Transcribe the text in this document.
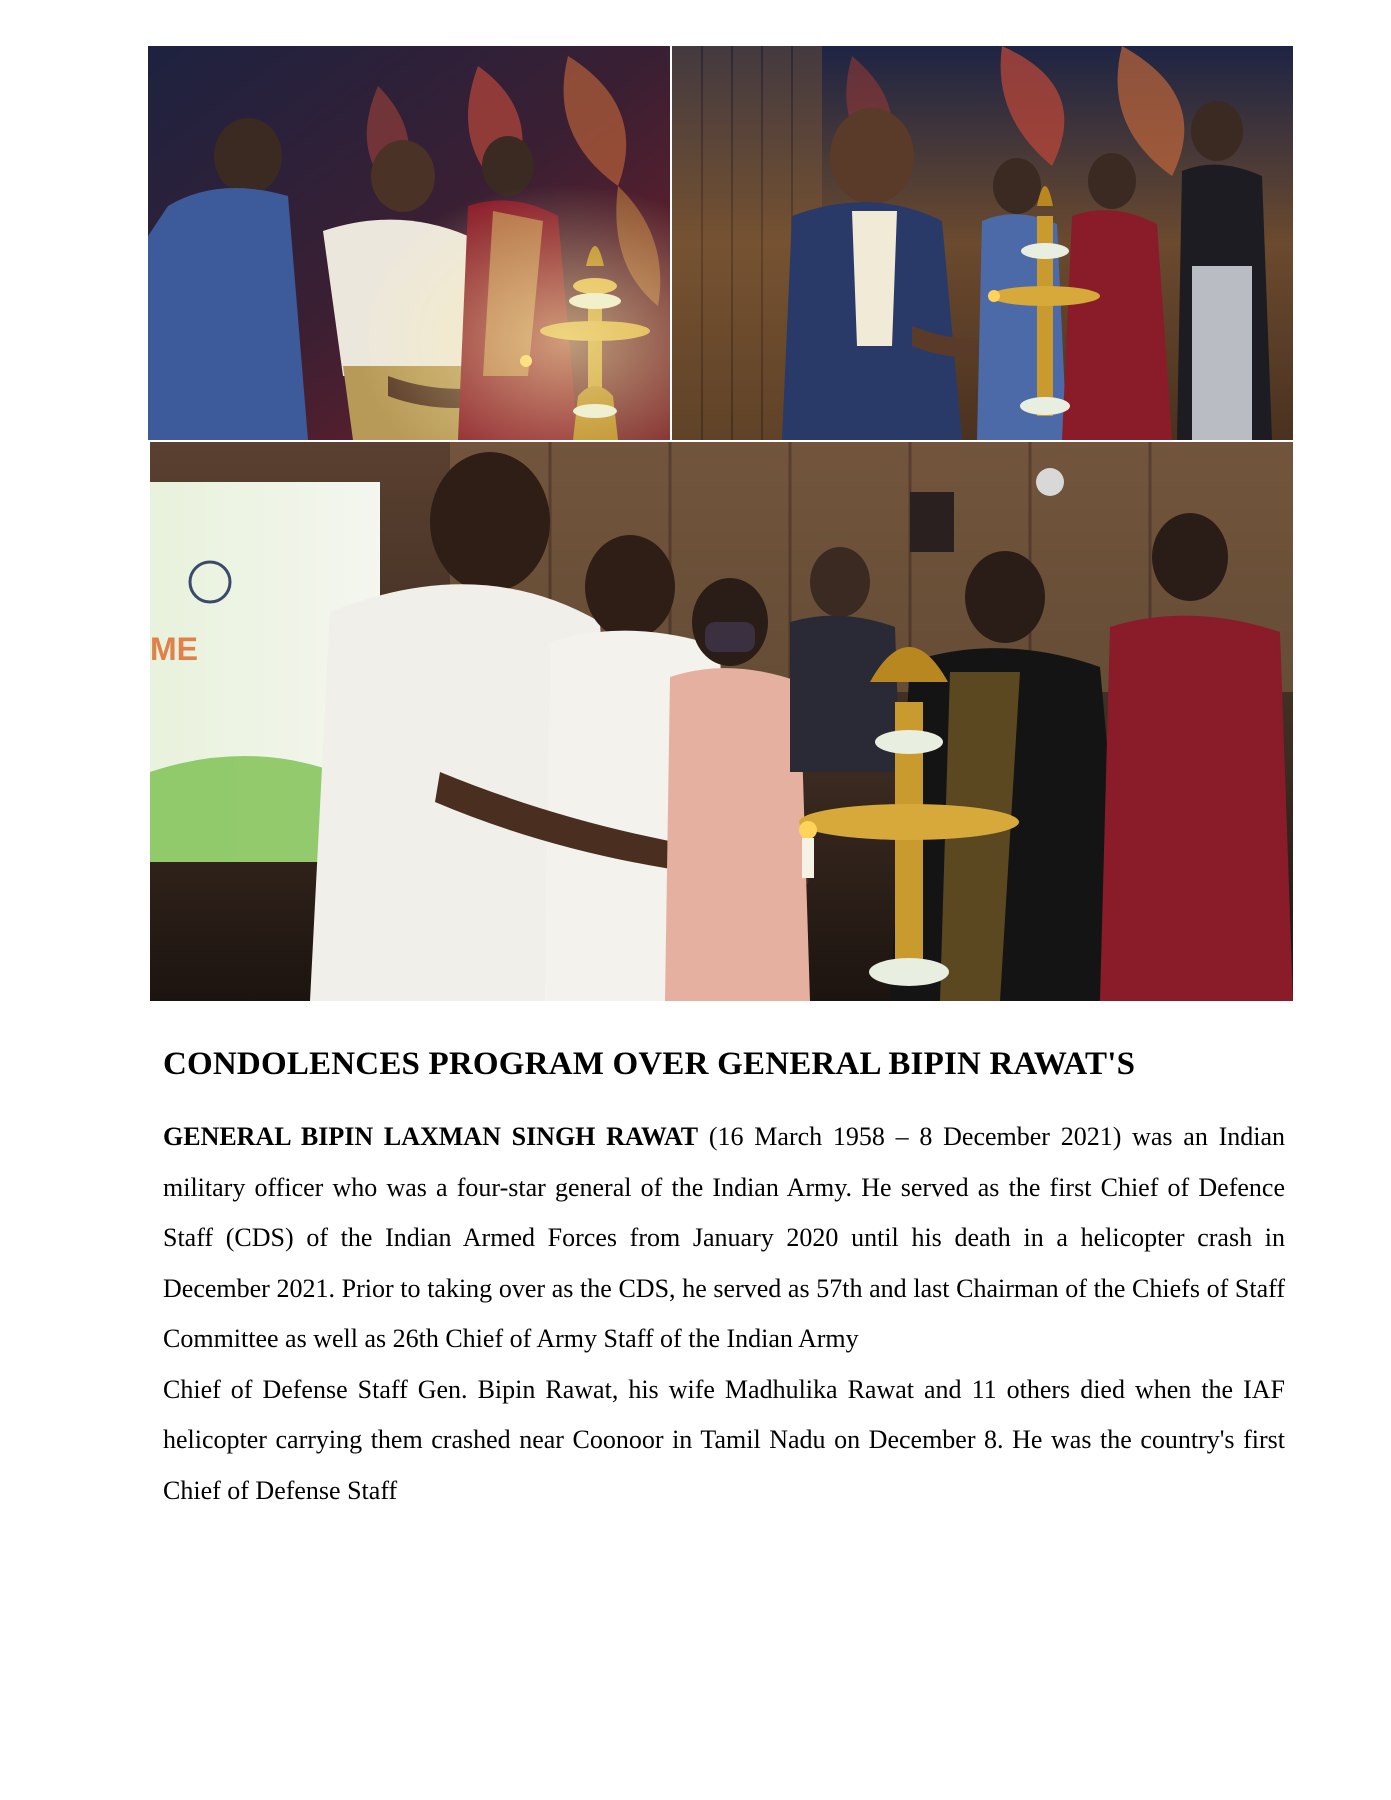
ME
CONDOLENCES PROGRAM OVER GENERAL BIPIN RAWAT'S

GENERAL BIPIN LAXMAN SINGH RAWAT (16 March 1958 – 8 December 2021) was an Indian military officer who was a four-star general of the Indian Army. He served as the first Chief of Defence Staff (CDS) of the Indian Armed Forces from January 2020 until his death in a helicopter crash in December 2021. Prior to taking over as the CDS, he served as 57th and last Chairman of the Chiefs of Staff Committee as well as 26th Chief of Army Staff of the Indian Army

Chief of Defense Staff Gen. Bipin Rawat, his wife Madhulika Rawat and 11 others died when the IAF helicopter carrying them crashed near Coonoor in Tamil Nadu on December 8. He was the country's first Chief of Defense Staff
